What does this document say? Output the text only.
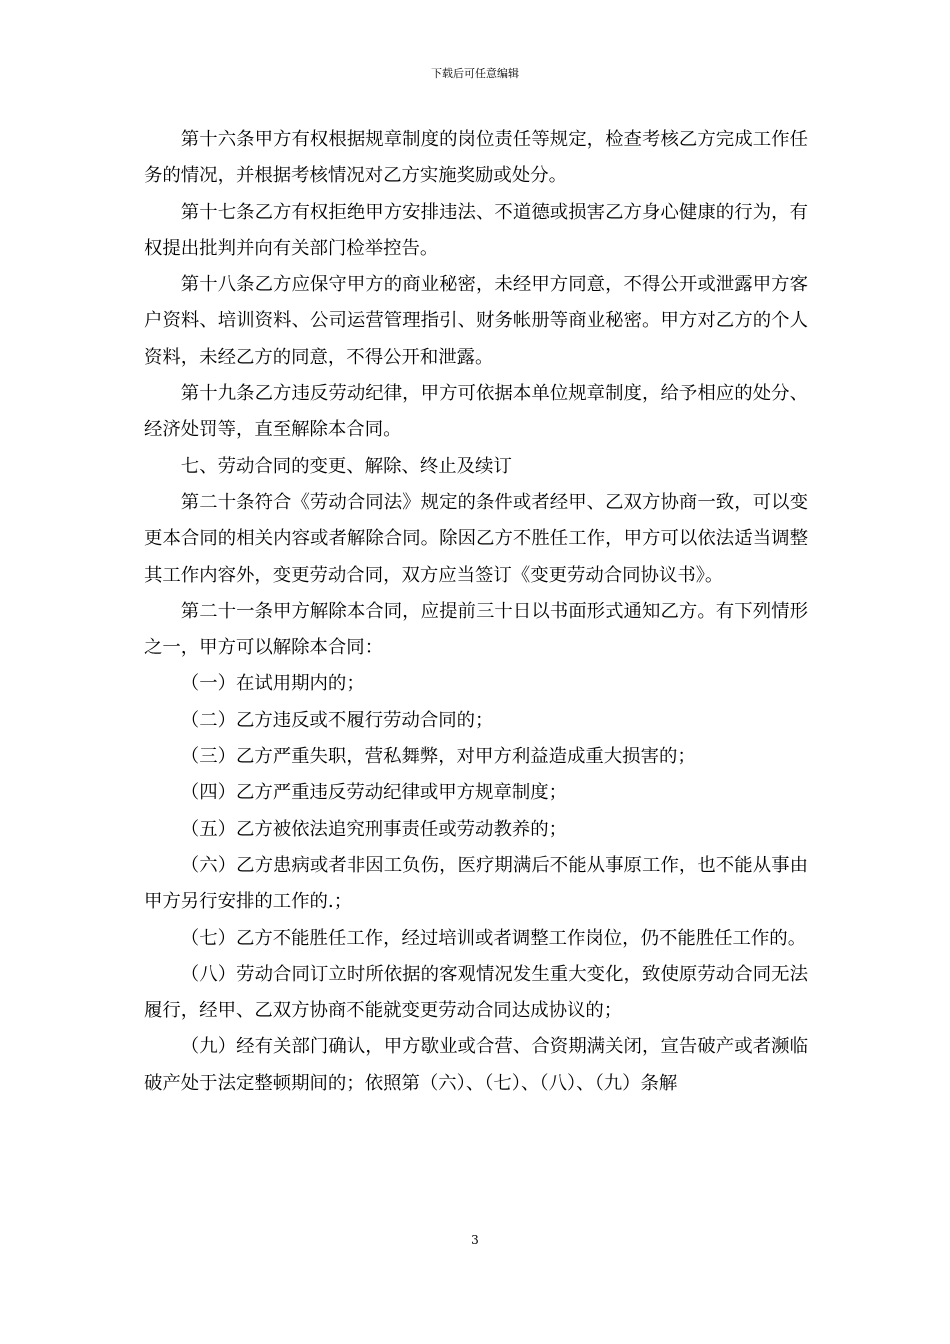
下载后可任意编辑

第十六条甲方有权根据规章制度的岗位责任等规定，检查考核乙方完成工作任务的情况，并根据考核情况对乙方实施奖励或处分。

第十七条乙方有权拒绝甲方安排违法、不道德或损害乙方身心健康的行为，有权提出批判并向有关部门检举控告。

第十八条乙方应保守甲方的商业秘密，未经甲方同意，不得公开或泄露甲方客户资料、培训资料、公司运营管理指引、财务帐册等商业秘密。甲方对乙方的个人资料，未经乙方的同意，不得公开和泄露。

第十九条乙方违反劳动纪律，甲方可依据本单位规章制度，给予相应的处分、经济处罚等，直至解除本合同。

七、劳动合同的变更、解除、终止及续订

第二十条符合《劳动合同法》规定的条件或者经甲、乙双方协商一致，可以变更本合同的相关内容或者解除合同。除因乙方不胜任工作，甲方可以依法适当调整其工作内容外，变更劳动合同，双方应当签订《变更劳动合同协议书》。

第二十一条甲方解除本合同，应提前三十日以书面形式通知乙方。有下列情形之一，甲方可以解除本合同：

（一）在试用期内的；

（二）乙方违反或不履行劳动合同的；

（三）乙方严重失职，营私舞弊，对甲方利益造成重大损害的；

（四）乙方严重违反劳动纪律或甲方规章制度；

（五）乙方被依法追究刑事责任或劳动教养的；

（六）乙方患病或者非因工负伤，医疗期满后不能从事原工作，也不能从事由甲方另行安排的工作的.；

（七）乙方不能胜任工作，经过培训或者调整工作岗位，仍不能胜任工作的。

（八）劳动合同订立时所依据的客观情况发生重大变化，致使原劳动合同无法履行，经甲、乙双方协商不能就变更劳动合同达成协议的；

（九）经有关部门确认，甲方歇业或合营、合资期满关闭，宣告破产或者濒临破产处于法定整顿期间的；依照第（六）、（七）、（八）、（九）条解

3
